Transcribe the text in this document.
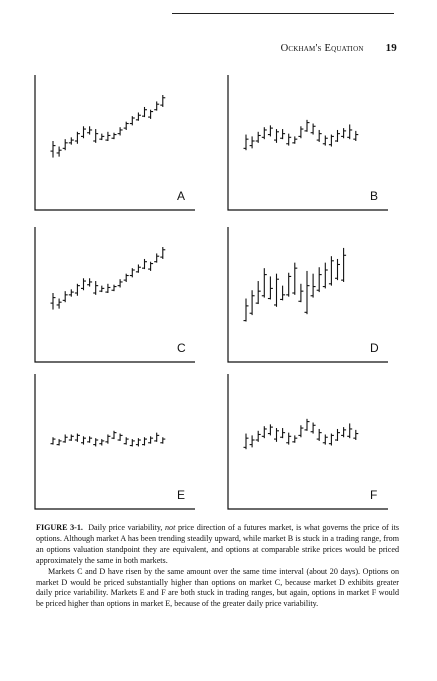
Ockham's Equation 19
A	B
C	D
E	F

FIGURE 3-1. Daily price variability, not price direction of a futures market, is what governs the price of its options. Although market A has been trending steadily upward, while market B is stuck in a trading range, from an options valuation standpoint they are equivalent, and options at comparable strike prices would be priced approximately the same in both markets.

Markets C and D have risen by the same amount over the same time interval (about 20 days). Options on market D would be priced substantially higher than options on market C, because market D exhibits greater daily price variability. Markets E and F are both stuck in trading ranges, but again, options in market F would be priced higher than options in market E, because of the greater daily price variability.
